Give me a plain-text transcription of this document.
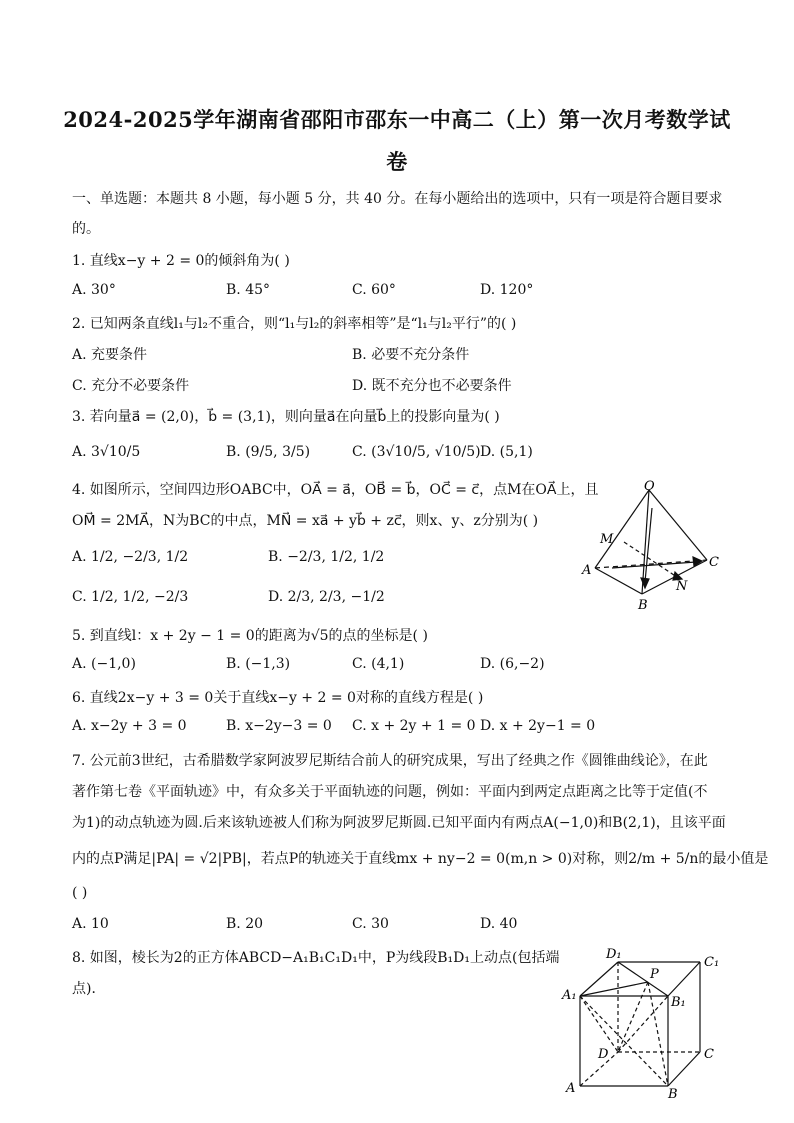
2024-2025学年湖南省邵阳市邵东一中高二（上）第一次月考数学试
卷
一、单选题：本题共 8 小题，每小题 5 分，共 40 分。在每小题给出的选项中，只有一项是符合题目要求
的。
1. 直线x−y + 2 = 0的倾斜角为( )
A. 30°	B. 45°	C. 60°	D. 120°
2. 已知两条直线l₁与l₂不重合，则“l₁与l₂的斜率相等”是“l₁与l₂平行”的( )
A. 充要条件	B. 必要不充分条件
C. 充分不必要条件	D. 既不充分也不必要条件
3. 若向量a⃗ = (2,0)，b⃗ = (3,1)，则向量a⃗在向量b⃗上的投影向量为( )
A. 3√10/5	B. (9/5, 3/5)	C. (3√10/5, √10/5) D. (5,1)
4. 如图所示，空间四边形OABC中，OA⃗ = a⃗，OB⃗ = b⃗，OC⃗ = c⃗，点M在OA⃗上，且
OM⃗ = 2MA⃗，N为BC的中点，MN⃗ = xa⃗ + yb⃗ + zc⃗，则x、y、z分别为( )
A. 1/2, −2/3, 1/2	B. −2/3, 1/2, 1/2
C. 1/2, 1/2, −2/3	D. 2/3, 2/3, −1/2
O
M
A
B
N
C
5. 到直线l：x + 2y − 1 = 0的距离为√5的点的坐标是( )
A. (−1,0)	B. (−1,3)	C. (4,1)	D. (6,−2)
6. 直线2x−y + 3 = 0关于直线x−y + 2 = 0对称的直线方程是( )
A. x−2y + 3 = 0	B. x−2y−3 = 0 C. x + 2y + 1 = 0 D. x + 2y−1 = 0
7. 公元前3世纪，古希腊数学家阿波罗尼斯结合前人的研究成果，写出了经典之作《圆锥曲线论》，在此
著作第七卷《平面轨迹》中，有众多关于平面轨迹的问题，例如：平面内到两定点距离之比等于定值(不
为1)的动点轨迹为圆.后来该轨迹被人们称为阿波罗尼斯圆.已知平面内有两点A(−1,0)和B(2,1)，且该平面
内的点P满足|PA| = √2|PB|，若点P的轨迹关于直线mx + ny−2 = 0(m,n > 0)对称，则2/m + 5/n的最小值是
( )
A. 10	B. 20	C. 30	D. 40
8. 如图，棱长为2的正方体ABCD−A₁B₁C₁D₁中，P为线段B₁D₁上动点(包括端
点)．
D₁
P
C₁
A₁	B₁
D	C
A	B
